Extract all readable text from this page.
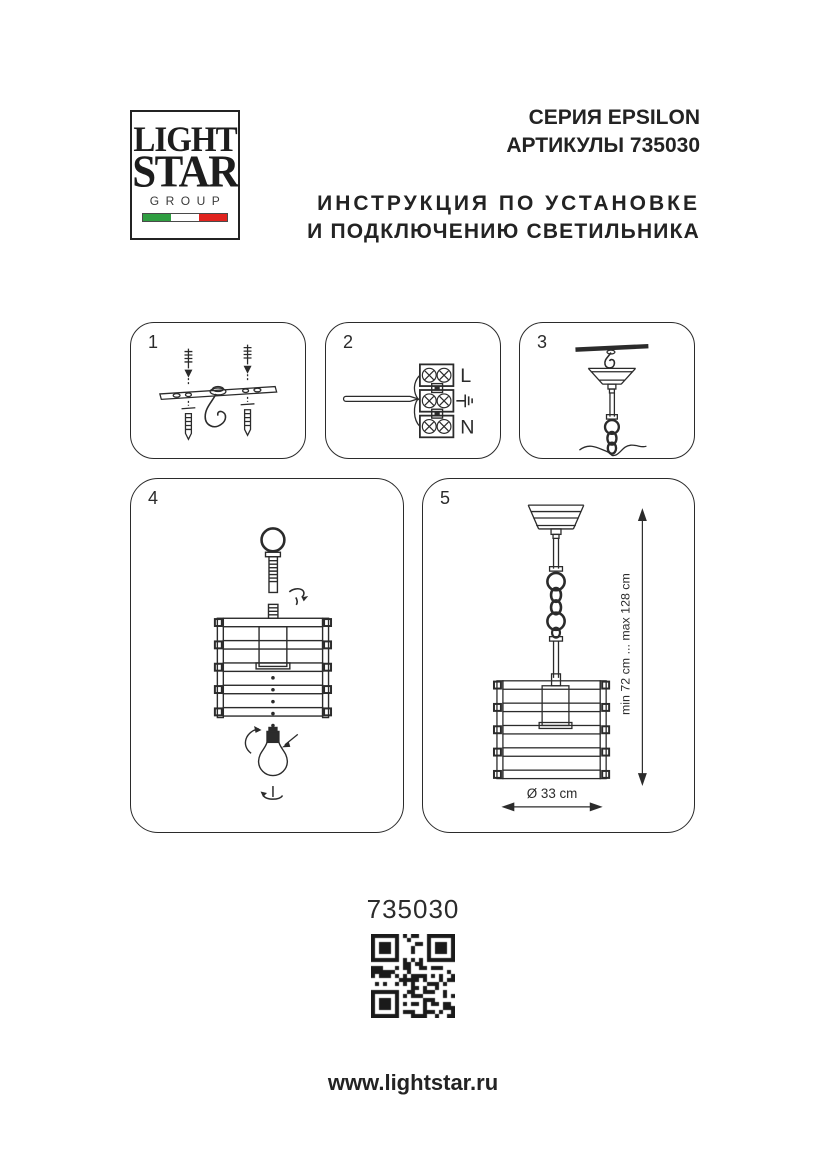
LIGHT
STAR
GROUP
СЕРИЯ EPSILON
АРТИКУЛЫ 735030
ИНСТРУКЦИЯ ПО УСТАНОВКЕ
И ПОДКЛЮЧЕНИЮ СВЕТИЛЬНИКА
1	2
L
N
3
4	5
min 72 cm ... max 128 cm
Ø 33 cm
735030
www.lightstar.ru
